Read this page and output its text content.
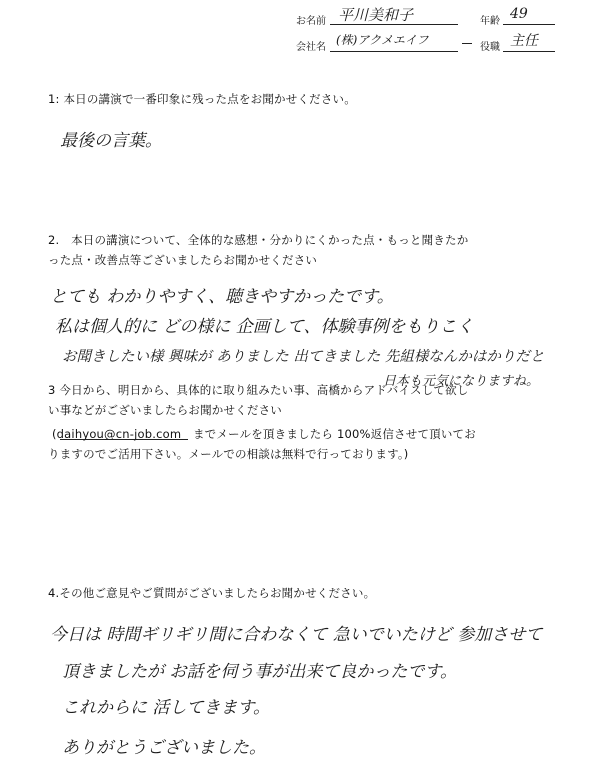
お名前 平川美和子	年齢 49
会社名
(株)アクメエイフ
役職 主任
1: 本日の講演で一番印象に残った点をお聞かせください。
最後の言葉。
2.　本日の講演について、全体的な感想・分かりにくかった点・もっと聞きたか
った点・改善点等ございましたらお聞かせください
とても わかりやすく、聴きやすかったです。
私は個人的に どの様に 企画して、体験事例をもりこく
お聞きしたい様 興味が ありました 出てきました 先組様なんかはかりだと
日本も元気になりますね。
3 今日から、明日から、具体的に取り組みたい事、高橋からアドバイスして欲し
い事などがございましたらお聞かせください
(daihyou@cn-job.com　までメールを頂きましたら 100%返信させて頂いてお
りますのでご活用下さい。メールでの相談は無料で行っております。)
4.その他ご意見やご質問がございましたらお聞かせください。
今日は 時間ギリギリ間に合わなくて 急いでいたけど 参加させて
頂きましたが お話を伺う事が出来て良かったです。
これからに 活してきます。
ありがとうございました。
